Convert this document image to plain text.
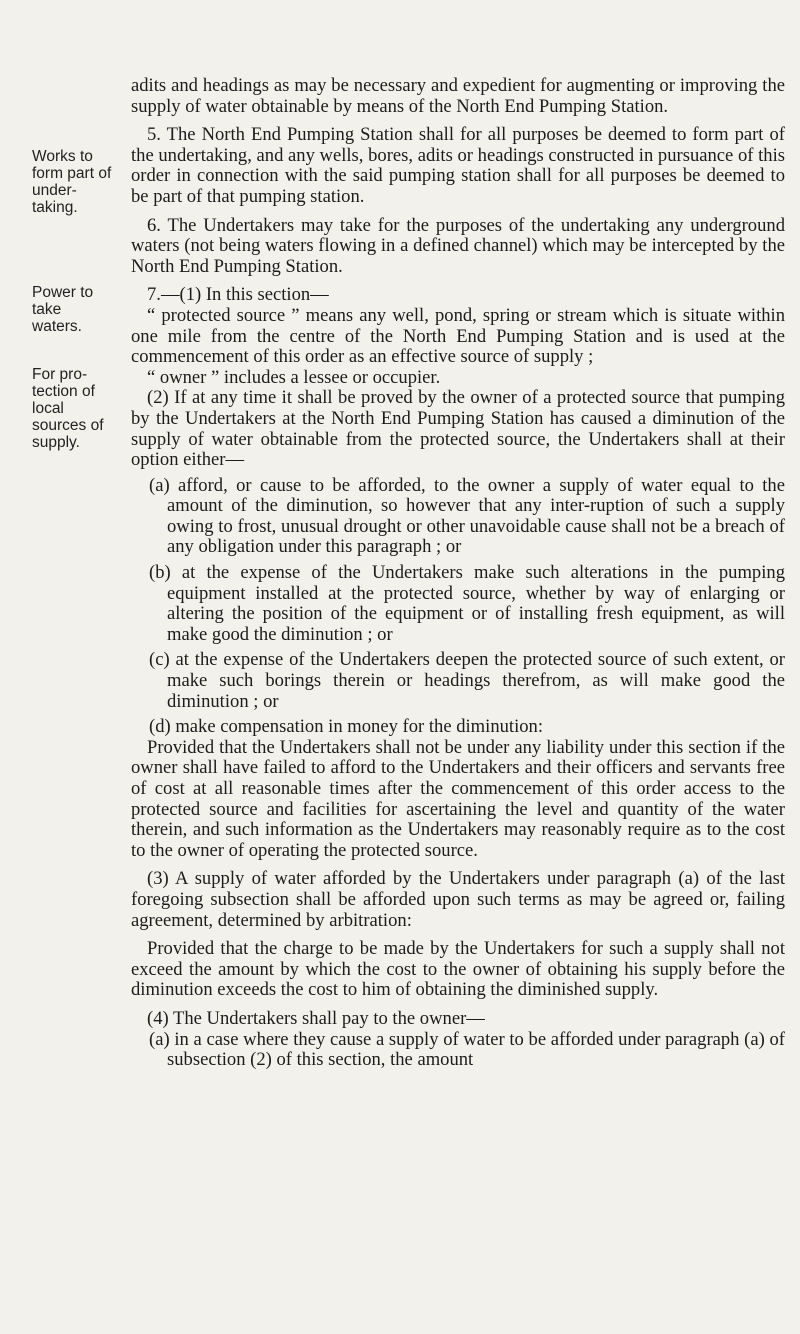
Works to form part of under-taking.
Power to take waters.
For pro-tection of local sources of supply.

adits and headings as may be necessary and expedient for augmenting or improving the supply of water obtainable by means of the North End Pumping Station.

5. The North End Pumping Station shall for all purposes be deemed to form part of the undertaking, and any wells, bores, adits or headings constructed in pursuance of this order in connection with the said pumping station shall for all purposes be deemed to be part of that pumping station.

6. The Undertakers may take for the purposes of the undertaking any underground waters (not being waters flowing in a defined channel) which may be intercepted by the North End Pumping Station.

7.—(1) In this section—

“ protected source ” means any well, pond, spring or stream which is situate within one mile from the centre of the North End Pumping Station and is used at the commencement of this order as an effective source of supply ;

“ owner ” includes a lessee or occupier.

(2) If at any time it shall be proved by the owner of a protected source that pumping by the Undertakers at the North End Pumping Station has caused a diminution of the supply of water obtainable from the protected source, the Undertakers shall at their option either—

(a) afford, or cause to be afforded, to the owner a supply of water equal to the amount of the diminution, so however that any inter-ruption of such a supply owing to frost, unusual drought or other unavoidable cause shall not be a breach of any obligation under this paragraph ; or

(b) at the expense of the Undertakers make such alterations in the pumping equipment installed at the protected source, whether by way of enlarging or altering the position of the equipment or of installing fresh equipment, as will make good the diminution ; or

(c) at the expense of the Undertakers deepen the protected source of such extent, or make such borings therein or headings therefrom, as will make good the diminution ; or

(d) make compensation in money for the diminution:

Provided that the Undertakers shall not be under any liability under this section if the owner shall have failed to afford to the Undertakers and their officers and servants free of cost at all reasonable times after the commencement of this order access to the protected source and facilities for ascertaining the level and quantity of the water therein, and such information as the Undertakers may reasonably require as to the cost to the owner of operating the protected source.

(3) A supply of water afforded by the Undertakers under paragraph (a) of the last foregoing subsection shall be afforded upon such terms as may be agreed or, failing agreement, determined by arbitration:

Provided that the charge to be made by the Undertakers for such a supply shall not exceed the amount by which the cost to the owner of obtaining his supply before the diminution exceeds the cost to him of obtaining the diminished supply.

(4) The Undertakers shall pay to the owner—

(a) in a case where they cause a supply of water to be afforded under paragraph (a) of subsection (2) of this section, the amount
